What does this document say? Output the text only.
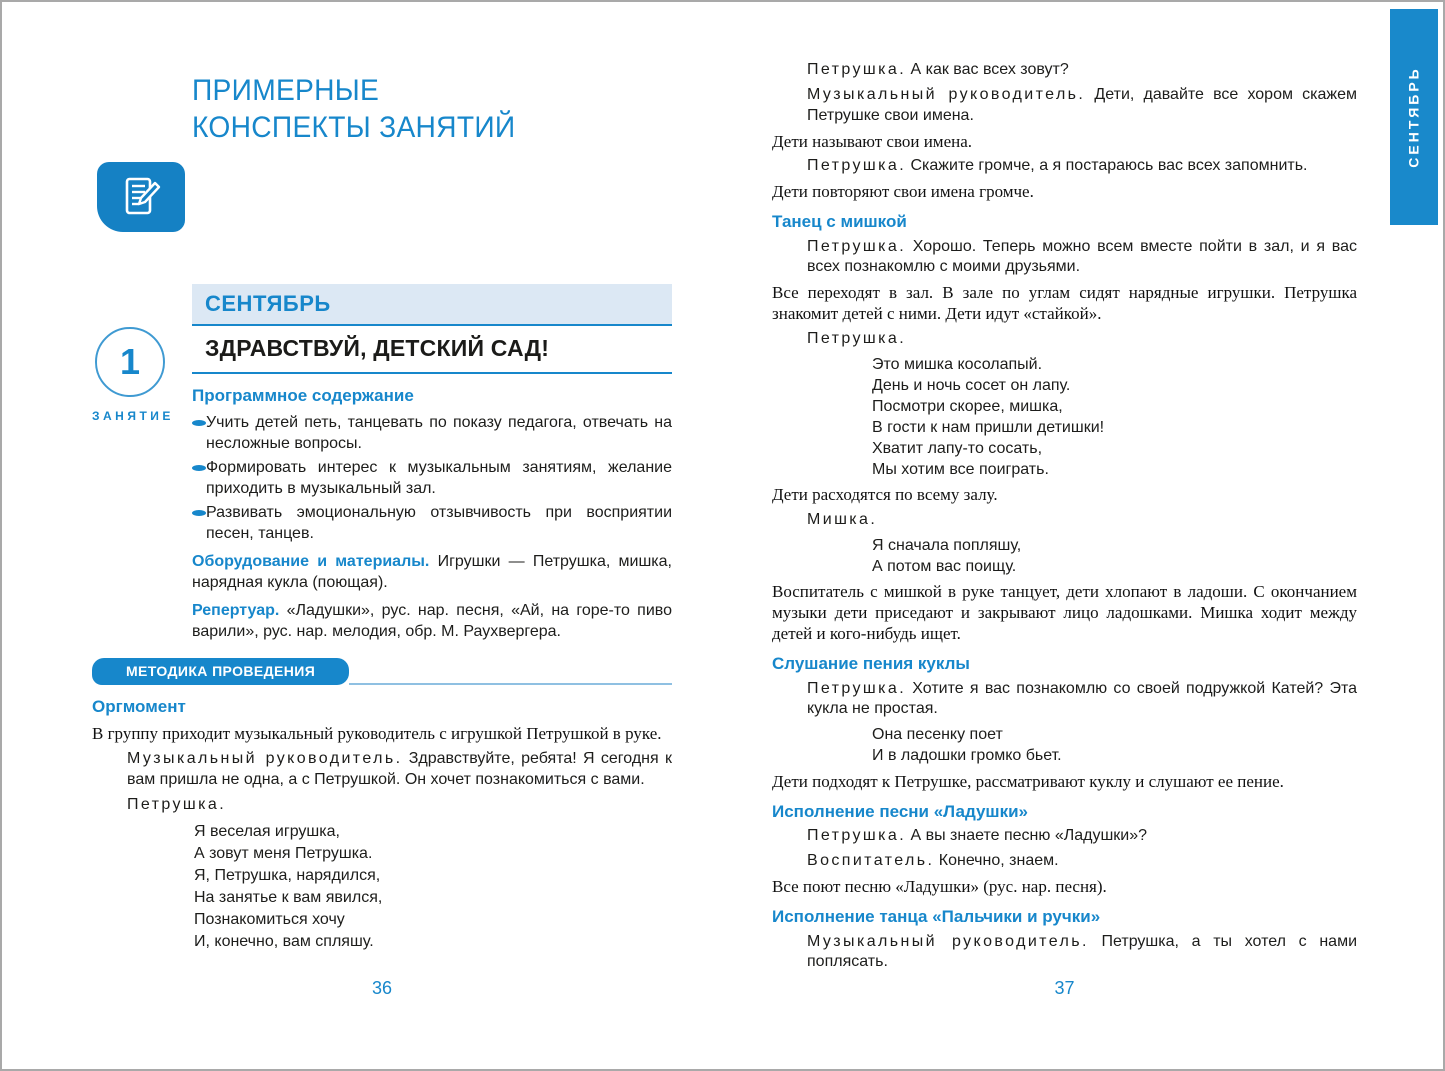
ПРИМЕРНЫЕ
КОНСПЕКТЫ ЗАНЯТИЙ
1
ЗАНЯТИЕ
СЕНТЯБРЬ
ЗДРАВСТВУЙ, ДЕТСКИЙ САД!
Программное содержание

Учить детей петь, танцевать по показу педагога, отвечать на несложные вопросы.

Формировать интерес к музыкальным занятиям, желание приходить в музыкальный зал.

Развивать эмоциональную отзывчивость при восприятии песен, танцев.

Оборудование и материалы. Игрушки — Петрушка, мишка, нарядная кукла (поющая).

Репертуар. «Ладушки», рус. нар. песня, «Ай, на горе-то пиво варили», рус. нар. мелодия, обр. М. Раухвергера.

МЕТОДИКА ПРОВЕДЕНИЯ
Оргмомент

В группу приходит музыкальный руководитель с игрушкой Петрушкой в руке.

Музыкальный руководитель. Здравствуйте, ребята! Я сегодня к вам пришла не одна, а с Петрушкой. Он хочет познакомиться с вами.

Петрушка.

Я веселая игрушка,
А зовут меня Петрушка.
Я, Петрушка, нарядился,
На занятье к вам явился,
Познакомиться хочу
И, конечно, вам спляшу.
36

Петрушка. А как вас всех зовут?

Музыкальный руководитель. Дети, давайте все хором скажем Петрушке свои имена.

Дети называют свои имена.

Петрушка. Скажите громче, а я постараюсь вас всех запомнить.

Дети повторяют свои имена громче.

Танец с мишкой

Петрушка. Хорошо. Теперь можно всем вместе пойти в зал, и я вас всех познакомлю с моими друзьями.

Все переходят в зал. В зале по углам сидят нарядные игрушки. Петрушка знакомит детей с ними. Дети идут «стайкой».

Петрушка.

Это мишка косолапый.
День и ночь сосет он лапу.
Посмотри скорее, мишка,
В гости к нам пришли детишки!
Хватит лапу-то сосать,
Мы хотим все поиграть.

Дети расходятся по всему залу.

Мишка.

Я сначала попляшу,
А потом вас поищу.

Воспитатель с мишкой в руке танцует, дети хлопают в ладоши. С окончанием музыки дети приседают и закрывают лицо ладошками. Мишка ходит между детей и кого-нибудь ищет.

Слушание пения куклы

Петрушка. Хотите я вас познакомлю со своей подружкой Катей? Эта кукла не простая.

Она песенку поет
И в ладошки громко бьет.

Дети подходят к Петрушке, рассматривают куклу и слушают ее пение.

Исполнение песни «Ладушки»

Петрушка. А вы знаете песню «Ладушки»?

Воспитатель. Конечно, знаем.

Все поют песню «Ладушки» (рус. нар. песня).

Исполнение танца «Пальчики и ручки»

Музыкальный руководитель. Петрушка, а ты хотел с нами поплясать.

37
СЕНТЯБРЬ
